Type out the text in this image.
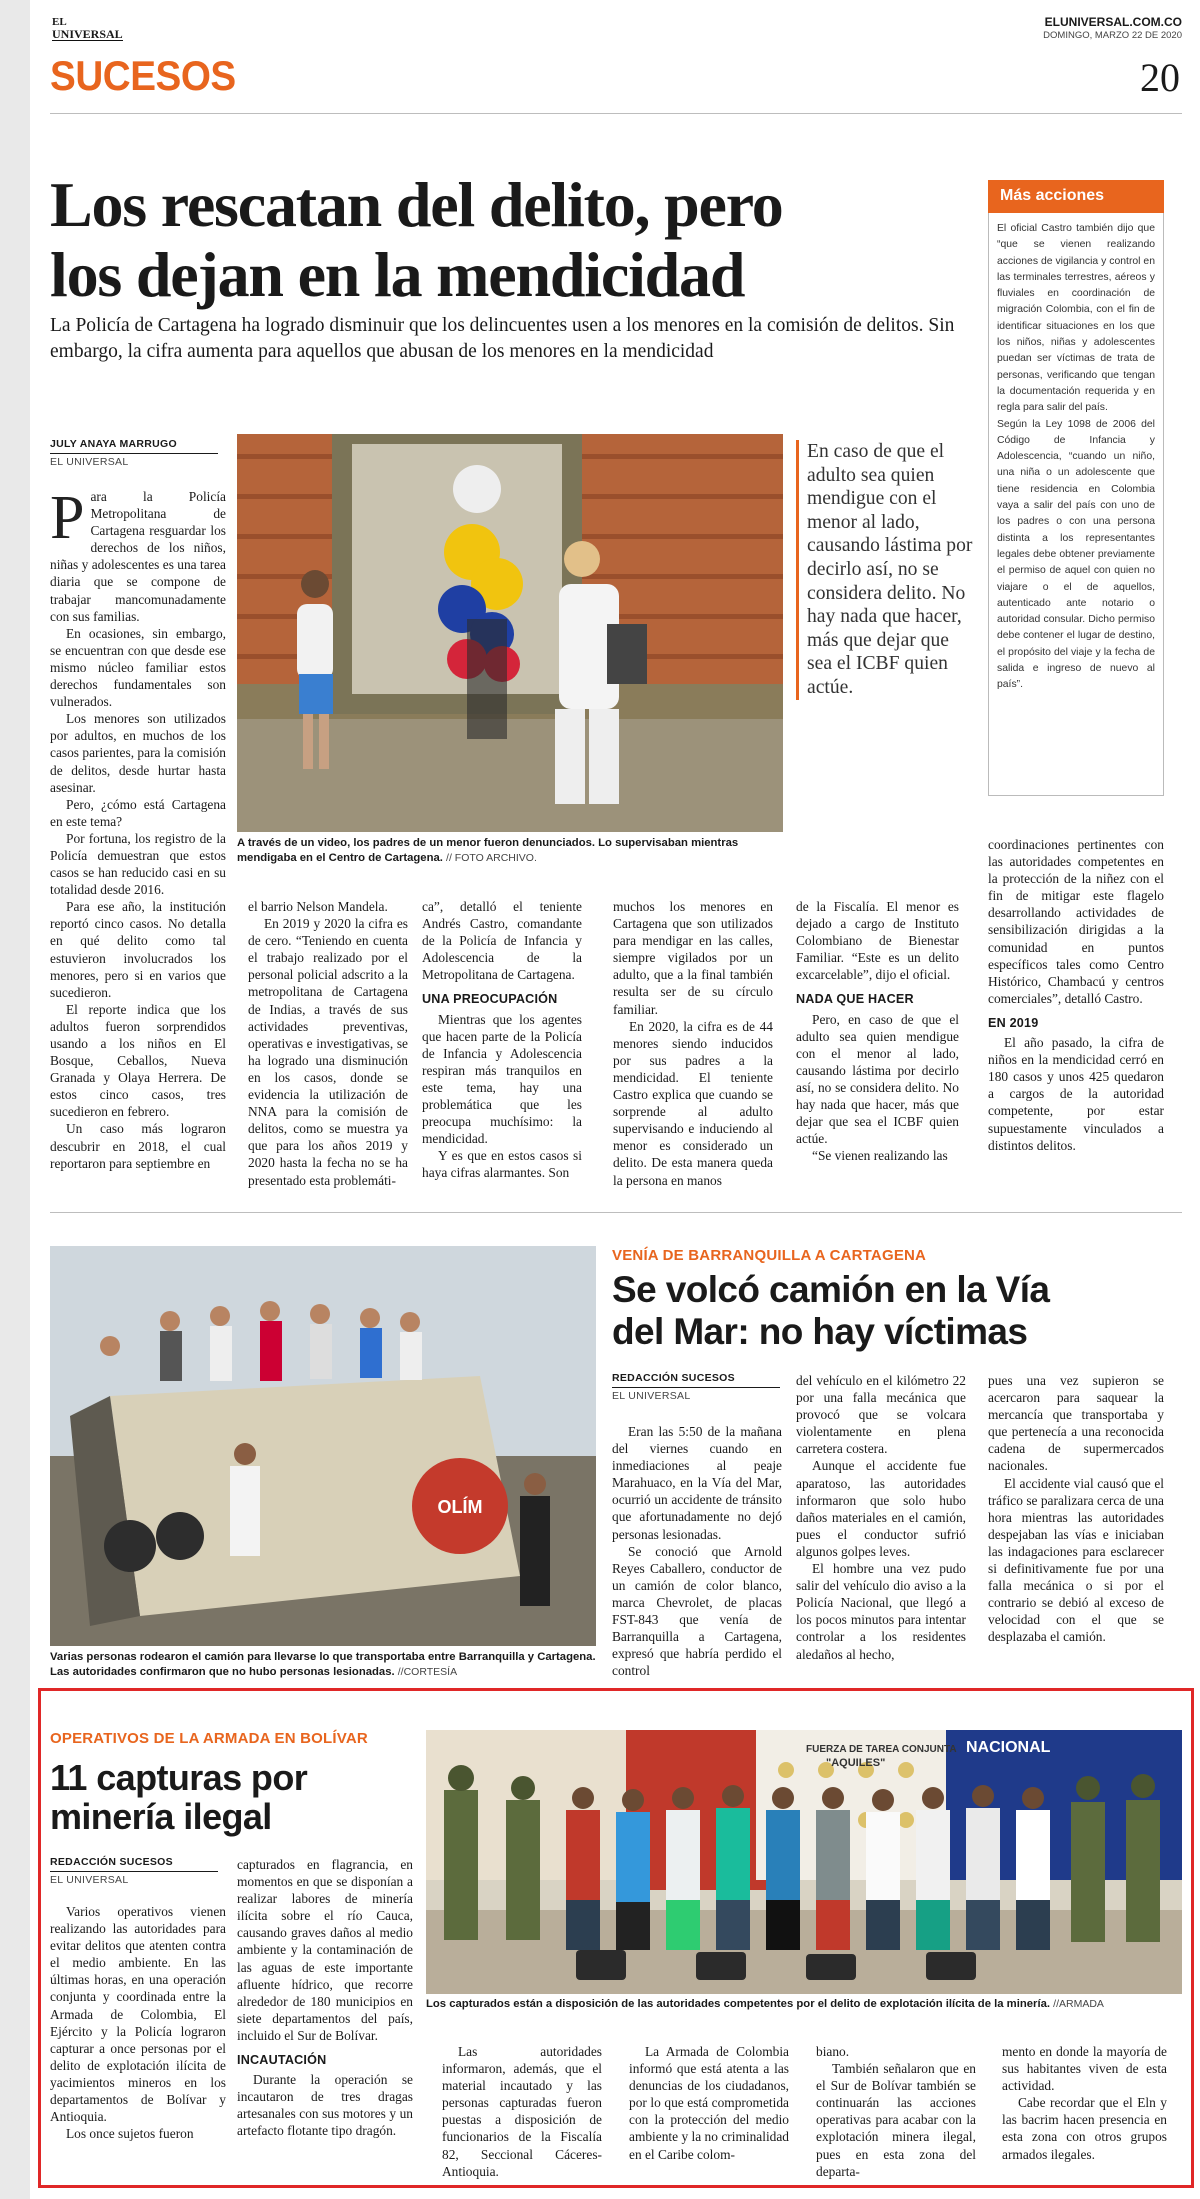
EL
UNIVERSAL
ELUNIVERSAL.COM.CO
DOMINGO, MARZO 22 DE 2020
SUCESOS	20
Los rescatan del delito, pero
los dejan en la mendicidad
La Policía de Cartagena ha logrado disminuir que los delincuentes usen a los menores en la comisión de delitos. Sin embargo, la cifra aumenta para aquellos que abusan de los menores en la mendicidad
JULY ANAYA MARRUGO
EL UNIVERSAL
P ara la Policía Metropolitana de Cartagena resguardar los derechos de los niños, niñas y adolescentes es una tarea diaria que se compone de trabajar mancomunadamente con sus familias.

En ocasiones, sin embargo, se encuentran con que desde ese mismo núcleo familiar estos derechos fundamentales son vulnerados.

Los menores son utilizados por adultos, en muchos de los casos parientes, para la comisión de delitos, desde hurtar hasta asesinar.

Pero, ¿cómo está Cartagena en este tema?

Por fortuna, los registro de la Policía demuestran que estos casos se han reducido casi en su totalidad desde 2016.

Para ese año, la institución reportó cinco casos. No detalla en qué delito como tal estuvieron involucrados los menores, pero si en varios que sucedieron.

El reporte indica que los adultos fueron sorprendidos usando a los niños en El Bosque, Ceballos, Nueva Granada y Olaya Herrera. De estos cinco casos, tres sucedieron en febrero.

Un caso más lograron descubrir en 2018, el cual reportaron para septiembre en

A través de un video, los padres de un menor fueron denunciados. Lo supervisaban mientras mendigaba en el Centro de Cartagena. // FOTO ARCHIVO.
En caso de que el adulto sea quien mendigue con el menor al lado, causando lástima por decirlo así, no se considera delito. No hay nada que hacer, más que dejar que sea el ICBF quien actúe.
Más acciones

El oficial Castro también dijo que “que se vienen realizando acciones de vigilancia y control en las terminales terrestres, aéreos y fluviales en coordinación de migración Colombia, con el fin de identificar situaciones en los que los niños, niñas y adolescentes puedan ser víctimas de trata de personas, verificando que tengan la documentación requerida y en regla para salir del país.

Según la Ley 1098 de 2006 del Código de Infancia y Adolescencia, “cuando un niño, una niña o un adolescente que tiene residencia en Colombia vaya a salir del país con uno de los padres o con una persona distinta a los representantes legales debe obtener previamente el permiso de aquel con quien no viajare o el de aquellos, autenticado ante notario o autoridad consular. Dicho permiso debe contener el lugar de destino, el propósito del viaje y la fecha de salida e ingreso de nuevo al país”.

el barrio Nelson Mandela.

En 2019 y 2020 la cifra es de cero. “Teniendo en cuenta el trabajo realizado por el personal policial adscrito a la metropolitana de Cartagena de Indias, a través de sus actividades preventivas, operativas e investigativas, se ha logrado una disminución en los casos, donde se evidencia la utilización de NNA para la comisión de delitos, como se muestra ya que para los años 2019 y 2020 hasta la fecha no se ha presentado esta problemáti-

ca”, detalló el teniente Andrés Castro, comandante de la Policía de Infancia y Adolescencia de la Metropolitana de Cartagena.

UNA PREOCUPACIÓN

Mientras que los agentes que hacen parte de la Policía de Infancia y Adolescencia respiran más tranquilos en este tema, hay una problemática que les preocupa muchísimo: la mendicidad.

Y es que en estos casos si haya cifras alarmantes. Son

muchos los menores en Cartagena que son utilizados para mendigar en las calles, siempre vigilados por un adulto, que a la final también resulta ser de su círculo familiar.

En 2020, la cifra es de 44 menores siendo inducidos por sus padres a la mendicidad. El teniente Castro explica que cuando se sorprende al adulto supervisando e induciendo al menor es considerado un delito. De esta manera queda la persona en manos

de la Fiscalía. El menor es dejado a cargo de Instituto Colombiano de Bienestar Familiar. “Este es un delito excarcelable”, dijo el oficial.

NADA QUE HACER

Pero, en caso de que el adulto sea quien mendigue con el menor al lado, causando lástima por decirlo así, no se considera delito. No hay nada que hacer, más que dejar que sea el ICBF quien actúe.

“Se vienen realizando las

coordinaciones pertinentes con las autoridades competentes en la protección de la niñez con el fin de mitigar este flagelo desarrollando actividades de sensibilización dirigidas a la comunidad en puntos específicos tales como Centro Histórico, Chambacú y centros comerciales”, detalló Castro.

EN 2019

El año pasado, la cifra de niños en la mendicidad cerró en 180 casos y unos 425 quedaron a cargos de la autoridad competente, por estar supuestamente vinculados a distintos delitos.

OLÍM
Varias personas rodearon el camión para llevarse lo que transportaba entre Barranquilla y Cartagena. Las autoridades confirmaron que no hubo personas lesionadas. //CORTESÍA
VENÍA DE BARRANQUILLA A CARTAGENA
Se volcó camión en la Vía
del Mar: no hay víctimas
REDACCIÓN SUCESOS
EL UNIVERSAL

Eran las 5:50 de la mañana del viernes cuando en inmediaciones al peaje Marahuaco, en la Vía del Mar, ocurrió un accidente de tránsito que afortunadamente no dejó personas lesionadas.

Se conoció que Arnold Reyes Caballero, conductor de un camión de color blanco, marca Chevrolet, de placas FST-843 que venía de Barranquilla a Cartagena, expresó que habría perdido el control

del vehículo en el kilómetro 22 por una falla mecánica que provocó que se volcara violentamente en plena carretera costera.

Aunque el accidente fue aparatoso, las autoridades informaron que solo hubo daños materiales en el camión, pues el conductor sufrió algunos golpes leves.

El hombre una vez pudo salir del vehículo dio aviso a la Policía Nacional, que llegó a los pocos minutos para intentar controlar a los residentes aledaños al hecho,

pues una vez supieron se acercaron para saquear la mercancía que transportaba y que pertenecía a una reconocida cadena de supermercados nacionales.

El accidente vial causó que el tráfico se paralizara cerca de una hora mientras las autoridades despejaban las vías e iniciaban las indagaciones para esclarecer si definitivamente fue por una falla mecánica o si por el contrario se debió al exceso de velocidad con el que se desplazaba el camión.

OPERATIVOS DE LA ARMADA EN BOLÍVAR
11 capturas por
minería ilegal
REDACCIÓN SUCESOS
EL UNIVERSAL

Varios operativos vienen realizando las autoridades para evitar delitos que atenten contra el medio ambiente. En las últimas horas, en una operación conjunta y coordinada entre la Armada de Colombia, El Ejército y la Policía lograron capturar a once personas por el delito de explotación ilícita de yacimientos mineros en los departamentos de Bolívar y Antioquia.

Los once sujetos fueron

capturados en flagrancia, en momentos en que se disponían a realizar labores de minería ilícita sobre el río Cauca, causando graves daños al medio ambiente y la contaminación de las aguas de este importante afluente hídrico, que recorre alrededor de 180 municipios en siete departamentos del país, incluido el Sur de Bolívar.

INCAUTACIÓN

Durante la operación se incautaron de tres dragas artesanales con sus motores y un artefacto flotante tipo dragón.

FUERZA DE TAREA CONJUNTA
"AQUILES"
NACIONAL
Los capturados están a disposición de las autoridades competentes por el delito de explotación ilícita de la minería. //ARMADA

Las autoridades informaron, además, que el material incautado y las personas capturadas fueron puestas a disposición de funcionarios de la Fiscalía 82, Seccional Cáceres-Antioquia.

La Armada de Colombia informó que está atenta a las denuncias de los ciudadanos, por lo que está comprometida con la protección del medio ambiente y la no criminalidad en el Caribe colom-

biano.

También señalaron que en el Sur de Bolívar también se continuarán las acciones operativas para acabar con la explotación minera ilegal, pues en esta zona del departa-

mento en donde la mayoría de sus habitantes viven de esta actividad.

Cabe recordar que el Eln y las bacrim hacen presencia en esta zona con otros grupos armados ilegales.
